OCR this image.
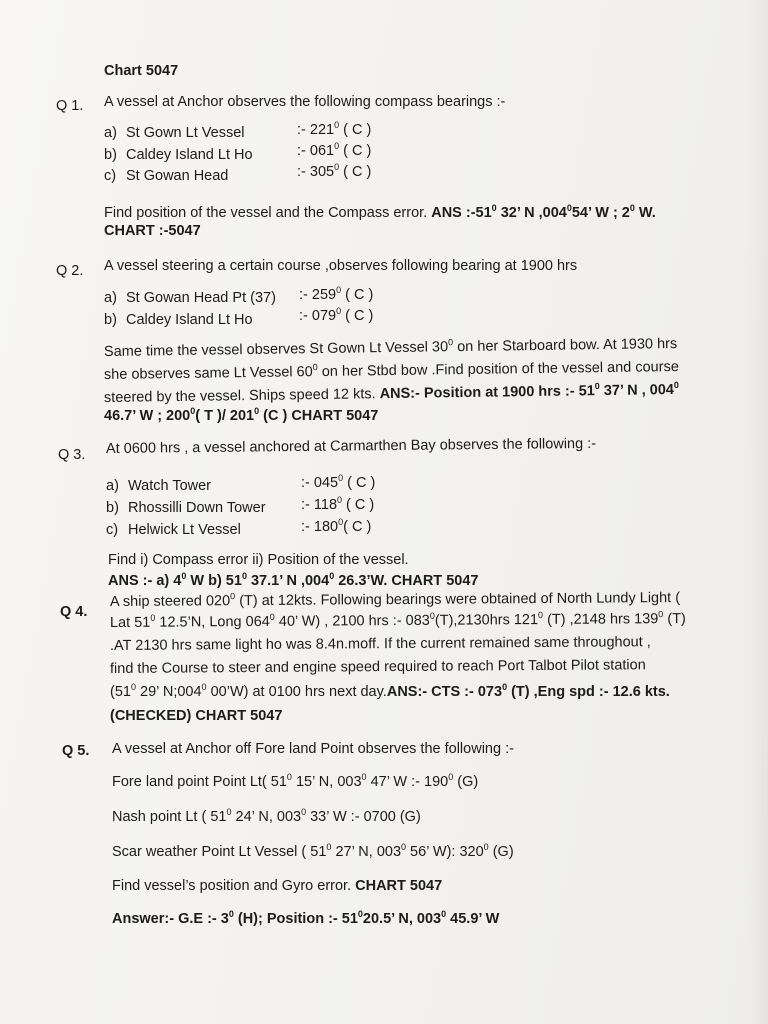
Chart 5047
Q 1. A vessel at Anchor observes the following compass bearings :-
a) St Gown Lt Vessel	:- $221^0$ ( C )
b) Caldey Island Lt Ho	:- $061^0$ ( C )
c) St Gowan Head	:- $305^0$ ( C )
Find position of the vessel and the Compass error. ANS $:-51^0$ 32’ N ,004$^0$54’ W ; $2^0$ W.
CHART :-5047
Q 2. A vessel steering a certain course ,observes following bearing at 1900 hrs
a) St Gowan Head Pt (37) :- $259^0$ ( C )
b) Caldey Island Lt Ho	:- $079^0$ ( C )
Same time the vessel observes St Gown Lt Vessel $30^0$ on her Starboard bow. At 1930 hrs
she observes same Lt Vessel $60^0$ on her Stbd bow .Find position of the vessel and course
steered by the vessel. Ships speed 12 kts. ANS:- Position at 1900 hrs :- $51^0$ 37’ N , $004^0$
46.7’ W ; $200^0$( T )/ $201^0$ (C ) CHART 5047
Q 3. At 0600 hrs , a vessel anchored at Carmarthen Bay observes the following :-
a) Watch Tower	:- $045^0$ ( C )
b) Rhossilli Down Tower :- $118^0$ ( C )
c) Helwick Lt Vessel	:- $180^0$( C )
Find i) Compass error ii) Position of the vessel.
ANS :- a) $4^0$ W b) $51^0$ 37.1’ N ,004$^0$ 26.3’W. CHART 5047
Q 4.
A ship steered $020^0$ (T) at 12kts. Following bearings were obtained of North Lundy Light (
Lat $51^0$ 12.5’N, Long $064^0$ 40’ W) , 2100 hrs :- $083^0(T),2130hrs$ $121^0$ (T) ,2148 hrs $139^0$ (T)
.AT 2130 hrs same light ho was 8.4n.moff. If the current remained same throughout ,
find the Course to steer and engine speed required to reach Port Talbot Pilot station
($51^0$ 29’ $N;004^0$ 00’W) at 0100 hrs next day.ANS:- CTS :- $073^0$ (T) ,Eng spd :- 12.6 kts.
(CHECKED) CHART 5047
Q 5. A vessel at Anchor off Fore land Point observes the following :-
Fore land point Point Lt( $51^0$ 15’ N, $003^0$ 47’ W :- $190^0$ (G)
Nash point Lt ( $51^0$ 24’ N, $003^0$ 33’ W :- 0700 (G)
Scar weather Point Lt Vessel ( $51^0$ 27’ N, $003^0$ 56’ W): $320^0$ (G)
Find vessel’s position and Gyro error. CHART 5047
Answer:- G.E :- $3^0$ (H); Position :- $51^020.5$’ N, $003^0$ 45.9’ W
